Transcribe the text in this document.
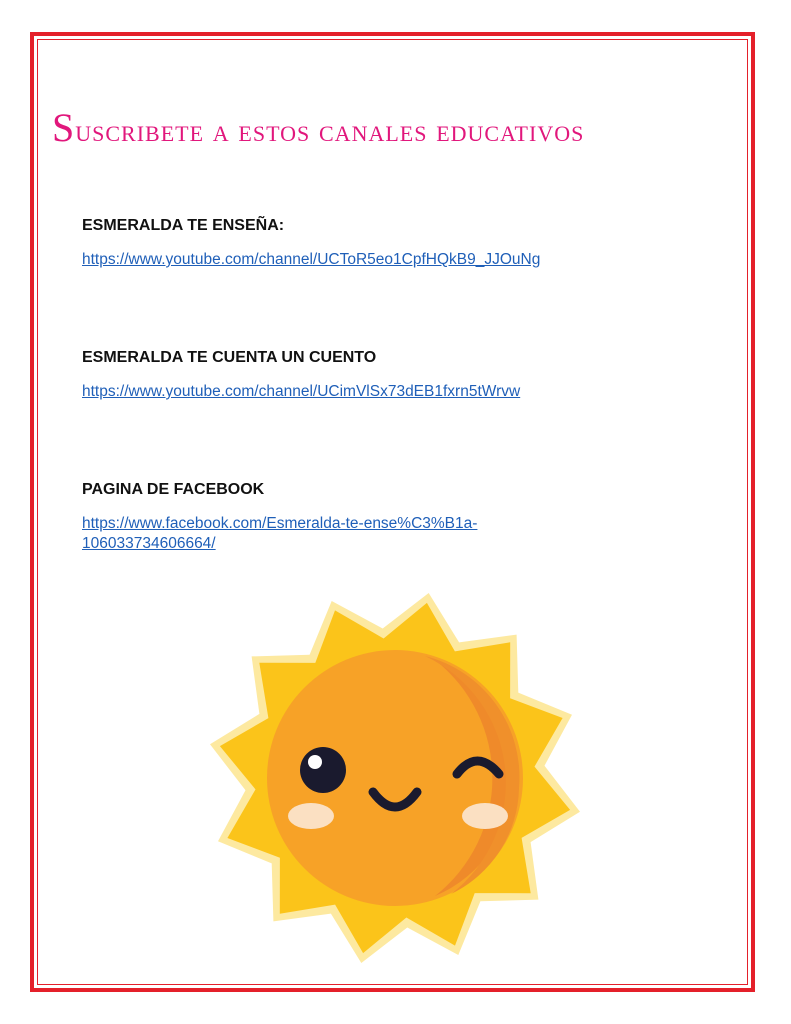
Suscribete a estos canales educativos

ESMERALDA TE ENSEÑA:

https://www.youtube.com/channel/UCToR5eo1CpfHQkB9_JJOuNg

ESMERALDA TE CUENTA UN CUENTO

https://www.youtube.com/channel/UCimVlSx73dEB1fxrn5tWrvw

PAGINA DE FACEBOOK

https://www.facebook.com/Esmeralda-te-ense%C3%B1a-106033734606664/
